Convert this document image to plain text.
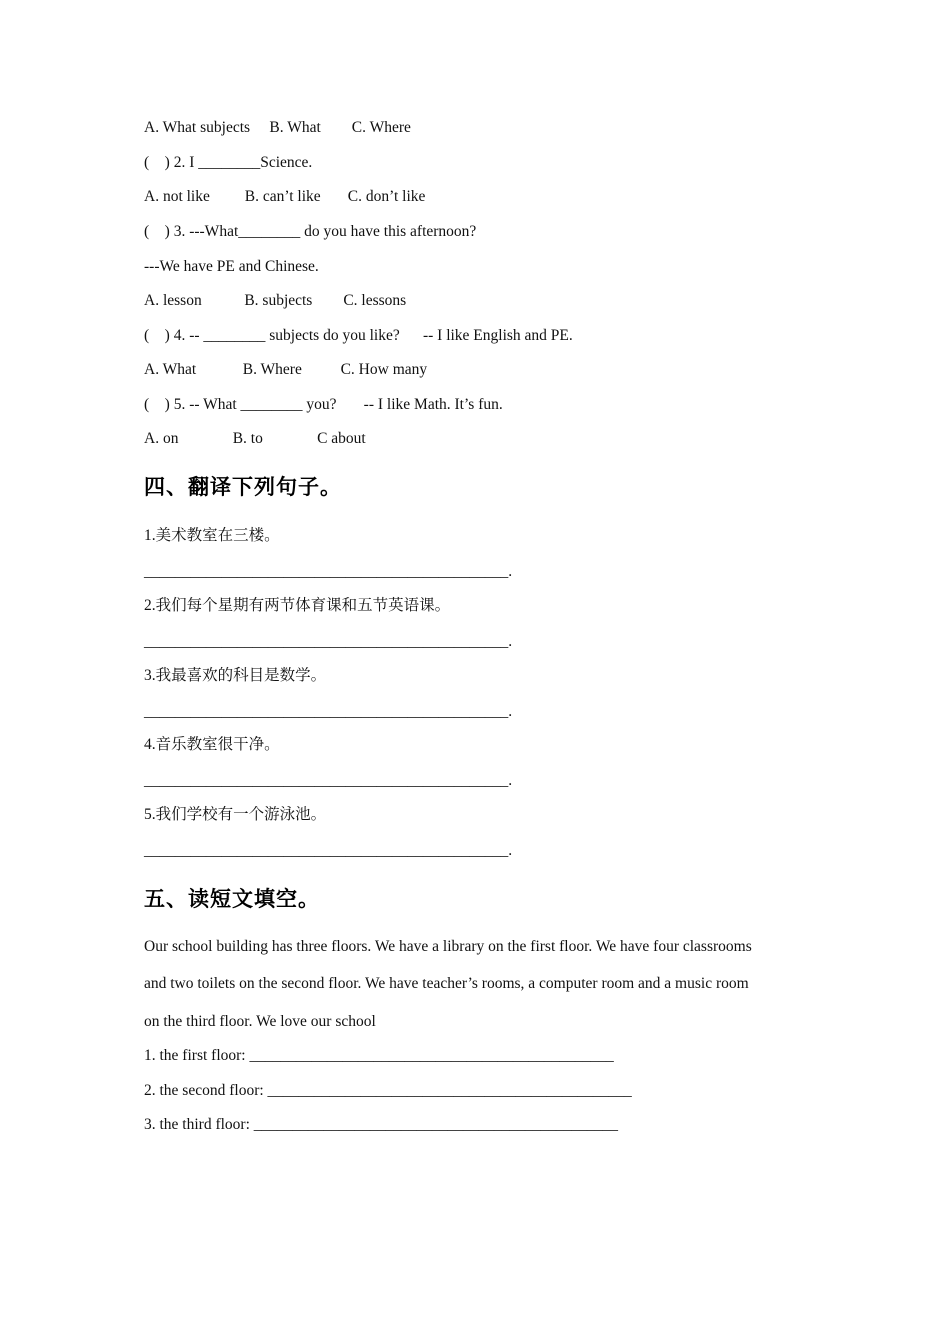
A. What subjects     B. What        C. Where
(    ) 2. I ________Science.
A. not like         B. can’t like       C. don’t like
(    ) 3. ---What________ do you have this afternoon?
---We have PE and Chinese.
A. lesson           B. subjects        C. lessons
(    ) 4. -- ________ subjects do you like?      -- I like English and PE.
A. What            B. Where          C. How many
(    ) 5. -- What ________ you?       -- I like Math. It’s fun.
A. on              B. to              C about
四、翻译下列句子。
1.美术教室在三楼。
_______________________________________________.
2.我们每个星期有两节体育课和五节英语课。
_______________________________________________.
3.我最喜欢的科目是数学。
_______________________________________________.
4.音乐教室很干净。
_______________________________________________.
5.我们学校有一个游泳池。
_______________________________________________.
五、读短文填空。
Our school building has three floors. We have a library on the first floor. We have four classrooms
and two toilets on the second floor. We have teacher’s rooms, a computer room and a music room
on the third floor. We love our school
1. the first floor: _______________________________________________
2. the second floor: _______________________________________________
3. the third floor: _______________________________________________
